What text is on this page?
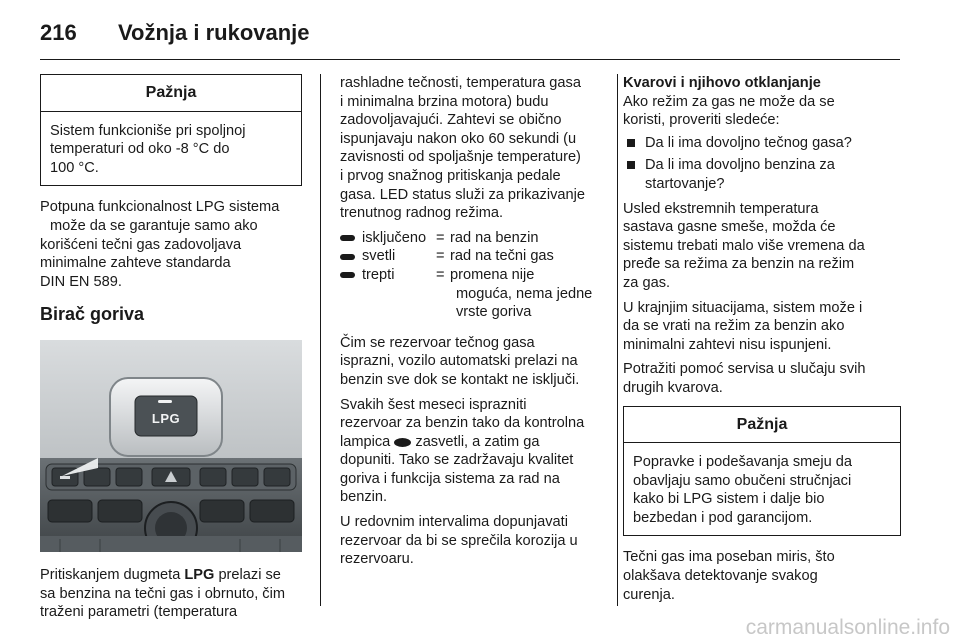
216	Vožnja i rukovanje
Pažnja
Sistem funkcioniše pri spoljnoj
temperaturi od oko -8 °C do
100 °C.

Potpuna funkcionalnost LPG sistema
može da se garantuje samo ako
korišćeni tečni gas zadovoljava
minimalne zahteve standarda
DIN EN 589.

Birač goriva
LPG

Pritiskanjem dugmeta LPG prelazi se
sa benzina na tečni gas i obrnuto, čim
traženi parametri (temperatura

rashladne tečnosti, temperatura gasa
i minimalna brzina motora) budu
zadovoljavajući. Zahtevi se obično
ispunjavaju nakon oko 60 sekundi (u
zavisnosti od spoljašnje temperature)
i prvog snažnog pritiskanja pedale
gasa. LED status služi za prikazivanje
trenutnog radnog režima.

isključeno = rad na benzin
svetli	= rad na tečni gas
trepti	= promena nije
moguća, nema jedne
vrste goriva

Čim se rezervoar tečnog gasa
isprazni, vozilo automatski prelazi na
benzin sve dok se kontakt ne isključi.

Svakih šest meseci isprazniti
rezervoar za benzin tako da kontrolna
lampica  zasvetli, a zatim ga
dopuniti. Tako se zadržavaju kvalitet
goriva i funkcija sistema za rad na
benzin.

U redovnim intervalima dopunjavati
rezervoar da bi se sprečila korozija u
rezervoaru.

Kvarovi i njihovo otklanjanje

Ako režim za gas ne može da se
koristi, proveriti sledeće:

Da li ima dovoljno tečnog gasa?
Da li ima dovoljno benzina za
startovanje?

Usled ekstremnih temperatura
sastava gasne smeše, možda će
sistemu trebati malo više vremena da
pređe sa režima za benzin na režim
za gas.

U krajnjim situacijama, sistem može i
da se vrati na režim za benzin ako
minimalni zahtevi nisu ispunjeni.

Potražiti pomoć servisa u slučaju svih
drugih kvarova.

Pažnja
Popravke i podešavanja smeju da
obavljaju samo obučeni stručnjaci
kako bi LPG sistem i dalje bio
bezbedan i pod garancijom.

Tečni gas ima poseban miris, što
olakšava detektovanje svakog
curenja.

carmanualsonline.info
